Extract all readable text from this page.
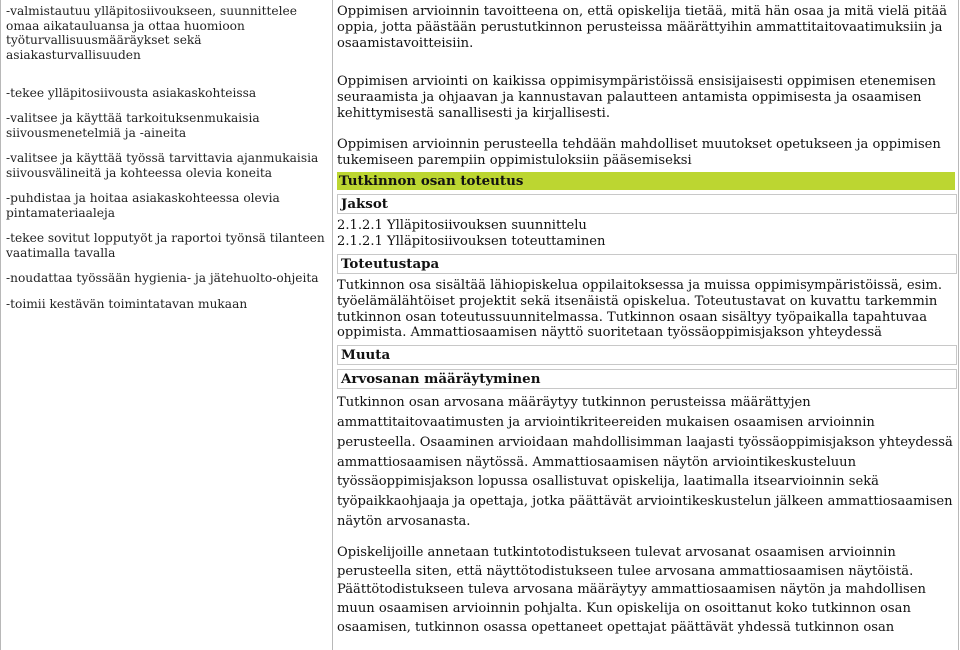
-valmistautuu ylläpitosiivoukseen, suunnittelee omaa aikatauluansa ja ottaa huomioon työturvallisuusmääräykset sekä asiakasturvallisuuden

-tekee ylläpitosiivousta asiakaskohteissa

-valitsee ja käyttää tarkoituksenmukaisia siivousmenetelmiä ja -aineita

-valitsee ja käyttää työssä tarvittavia ajanmukaisia siivousvälineitä ja kohteessa olevia koneita

-puhdistaa ja hoitaa asiakaskohteessa olevia pintamateriaaleja

-tekee sovitut lopputyöt ja raportoi työnsä tilanteen vaatimalla tavalla

-noudattaa työssään hygienia- ja jätehuolto-ohjeita

-toimii kestävän toimintatavan mukaan

Oppimisen arvioinnin tavoitteena on, että opiskelija tietää, mitä hän osaa ja mitä vielä pitää oppia, jotta päästään perustutkinnon perusteissa määrättyihin ammattitaitovaatimuksiin ja osaamistavoitteisiin.

Oppimisen arviointi on kaikissa oppimisympäristöissä ensisijaisesti oppimisen etenemisen seuraamista ja ohjaavan ja kannustavan palautteen antamista oppimisesta ja osaamisen kehittymisestä sanallisesti ja kirjallisesti.

Oppimisen arvioinnin perusteella tehdään mahdolliset muutokset opetukseen ja oppimisen tukemiseen parempiin oppimistuloksiin pääsemiseksi

Tutkinnon osan toteutus
Jaksot

2.1.2.1 Ylläpitosiivouksen suunnittelu

2.1.2.1 Ylläpitosiivouksen toteuttaminen

Toteutustapa

Tutkinnon osa sisältää lähiopiskelua oppilaitoksessa ja muissa oppimisympäristöissä, esim. työelämälähtöiset projektit sekä itsenäistä opiskelua. Toteutustavat on kuvattu tarkemmin tutkinnon osan toteutussuunnitelmassa. Tutkinnon osaan sisältyy työpaikalla tapahtuvaa oppimista. Ammattiosaamisen näyttö suoritetaan työssäoppimisjakson yhteydessä

Muuta
Arvosanan määräytyminen

Tutkinnon osan arvosana määräytyy tutkinnon perusteissa määrättyjen ammattitaitovaatimusten ja arviointikriteereiden mukaisen osaamisen arvioinnin perusteella. Osaaminen arvioidaan mahdollisimman laajasti työssäoppimisjakson yhteydessä ammattiosaamisen näytössä. Ammattiosaamisen näytön arviointikeskusteluun työssäoppimisjakson lopussa osallistuvat opiskelija, laatimalla itsearvioinnin sekä työpaikkaohjaaja ja opettaja, jotka päättävät arviointikeskustelun jälkeen ammattiosaamisen näytön arvosanasta.

Opiskelijoille annetaan tutkintotodistukseen tulevat arvosanat osaamisen arvioinnin perusteella siten, että näyttötodistukseen tulee arvosana ammattiosaamisen näytöistä. Päättötodistukseen tuleva arvosana määräytyy ammattiosaamisen näytön ja mahdollisen muun osaamisen arvioinnin pohjalta. Kun opiskelija on osoittanut koko tutkinnon osan osaamisen, tutkinnon osassa opettaneet opettajat päättävät yhdessä tutkinnon osan
